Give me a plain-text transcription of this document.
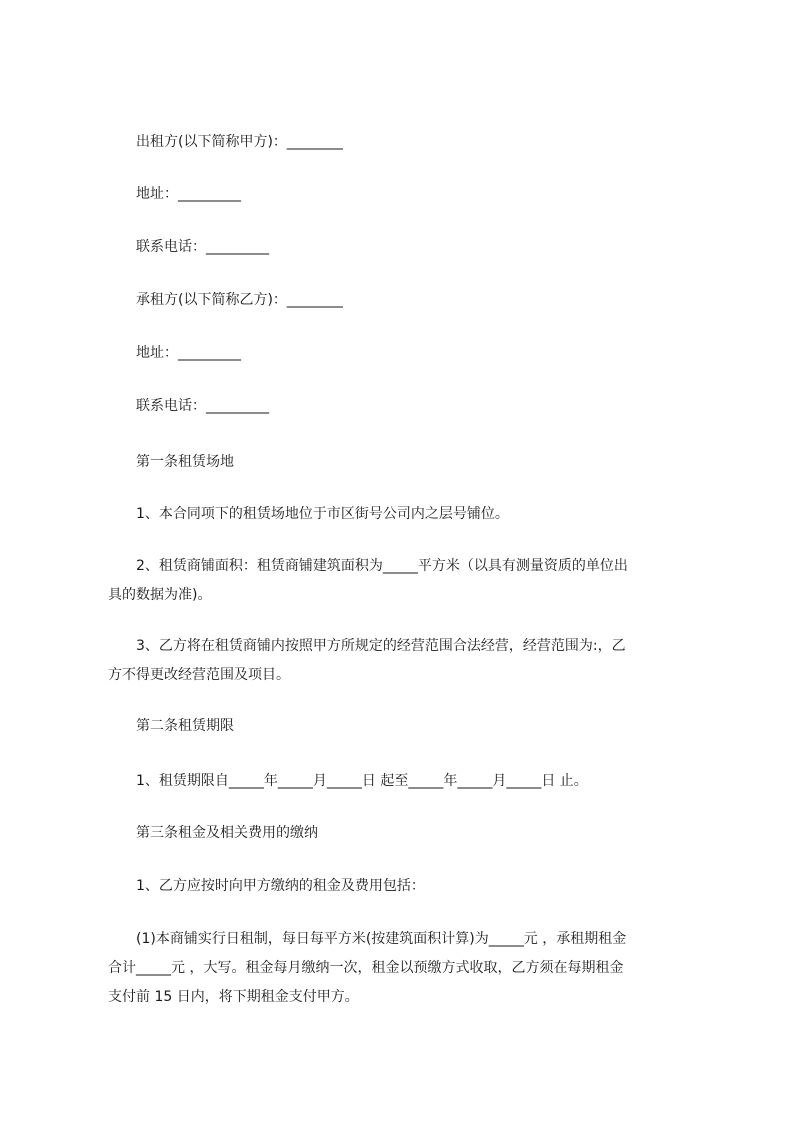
出租方(以下简称甲方)：________
地址：_________
联系电话：_________
承租方(以下简称乙方)：________
地址：_________
联系电话：_________
第一条租赁场地
1、本合同项下的租赁场地位于市区街号公司内之层号铺位。
2、租赁商铺面积：租赁商铺建筑面积为_____平方米（以具有测量资质的单位出
具的数据为准)。
3、乙方将在租赁商铺内按照甲方所规定的经营范围合法经营，经营范围为:，乙
方不得更改经营范围及项目。
第二条租赁期限
1、租赁期限自_____年_____月_____日 起至_____年_____月_____日 止。
第三条租金及相关费用的缴纳
1、乙方应按时向甲方缴纳的租金及费用包括：
(1)本商铺实行日租制，每日每平方米(按建筑面积计算)为_____元 ，承租期租金
合计_____元 ，大写。租金每月缴纳一次，租金以预缴方式收取，乙方须在每期租金
支付前 15 日内，将下期租金支付甲方。
